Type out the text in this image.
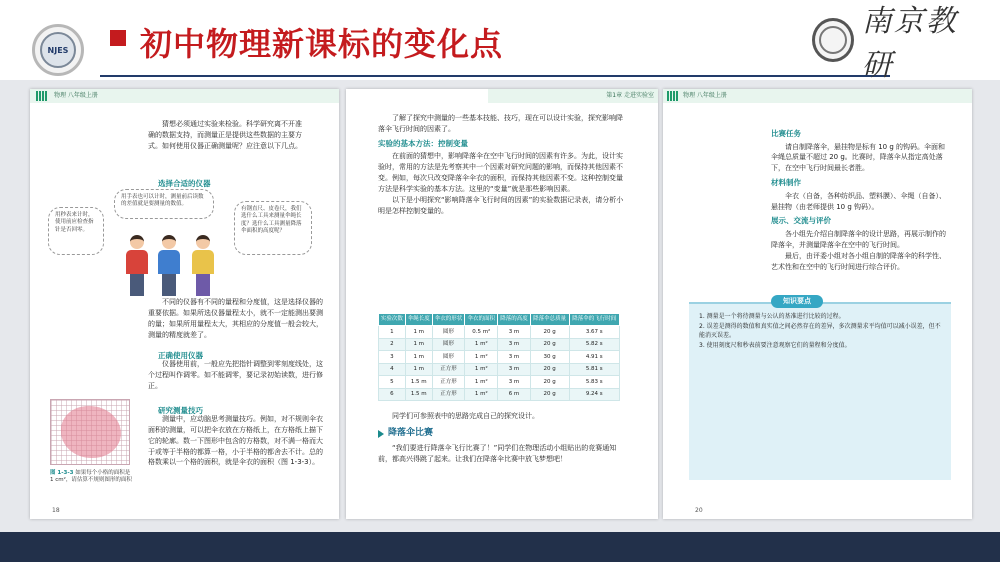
NJES 初中物理新课标的变化点
南京教研
物理 八年级上册

猜想必须通过实验来检验。科学研究离不开准确的数据支持，而测量正是提供这些数据的主要方式。如何使用仪器正确测量呢？应注意以下几点。

选择合适的仪器
用秒表来计时，使用前应检查指针是否回零。
用手表也可以计时，测量前后读数的差值就是要测量的数值。
有钢直尺、皮卷尺，我们选什么工具来测量伞绳长度？选什么工具测量降落伞面积的高度呢？

不同的仪器有不同的量程和分度值，这是选择仪器的重要依据。如果所选仪器量程太小，就不一定能测出要测的量；如果所用量程太大，其相应的分度值一般会较大，测量的精度就差了。

正确使用仪器

仪器使用前，一般应先把指针调整到零刻度线处，这个过程叫作调零。如不能调零，要记录初始读数，进行修正。

研究测量技巧

测量中，应动脑思考测量技巧。例如，对不规则伞衣面积的测量，可以把伞衣放在方格纸上，在方格纸上描下它的轮廓。数一下图形中包含的方格数，对不满一格而大于或等于半格的都算一格，小于半格的都舍去不计。总的格数乘以一个格的面积，就是伞衣的面积（图 1-3-3）。

图 1-3-3 如果每个小格的面积是 1 cm²，请估算不规则图形的面积
18
第1章 走进实验室

了解了探究中测量的一些基本技能、技巧，现在可以设计实验，探究影响降落伞飞行时间的因素了。

实验的基本方法：控制变量

在前面的猜想中，影响降落伞在空中飞行时间的因素有许多。为此，设计实验时，常用的方法是先考察其中一个因素对研究问题的影响，而保持其他因素不变。例如，每次只改变降落伞伞衣的面积，而保持其他因素不变。这种控制变量方法是科学实验的基本方法。这里的“变量”就是那些影响因素。

以下是小明探究“影响降落伞飞行时间的因素”的实验数据记录表，请分析小明是怎样控制变量的。

实验次数	伞绳长度	伞衣的形状	伞衣的面积	降落的高度	降落伞总质量	降落伞的飞行时间
1	1 m	圆形	0.5 m²	3 m	20 g	3.67 s
2	1 m	圆形	1 m²	3 m	20 g	5.82 s
3	1 m	圆形	1 m²	3 m	30 g	4.91 s
4	1 m	正方形	1 m²	3 m	20 g	5.81 s
5	1.5 m	正方形	1 m²	3 m	20 g	5.83 s
6	1.5 m	正方形	1 m²	6 m	20 g	9.24 s

同学们可参照表中的思路完成自己的探究设计。

降落伞比赛

“我们要进行降落伞飞行比赛了！”同学们在物理活动小组贴出的竞赛通知前，都高兴得跳了起来。让我们在降落伞比赛中放飞梦想吧！

物理 八年级上册
比赛任务

请自制降落伞，悬挂物是标有 10 g 的钩码。伞面和伞绳总质量不超过 20 g。比赛时，降落伞从指定高处落下，在空中飞行时间最长者胜。

材料制作

伞衣（自备，各种纺织品、塑料膜）、伞绳（自备）、悬挂物（由老师提供 10 g 钩码）。

展示、交流与评价

各小组先介绍自制降落伞的设计思路，再展示制作的降落伞，并测量降落伞在空中的飞行时间。

最后，由评委小组对各小组自制的降落伞的科学性、艺术性和在空中的飞行时间进行综合评价。

1. 测量是一个将待测量与公认的基准进行比较的过程。
2. 误差是测得的数值和真实值之间必然存在的差异，多次测量求平均值可以减小误差，但不能消灭误差。
3. 使用刻度尺和秒表前要注意观察它们的量程和分度值。
知识要点
20
